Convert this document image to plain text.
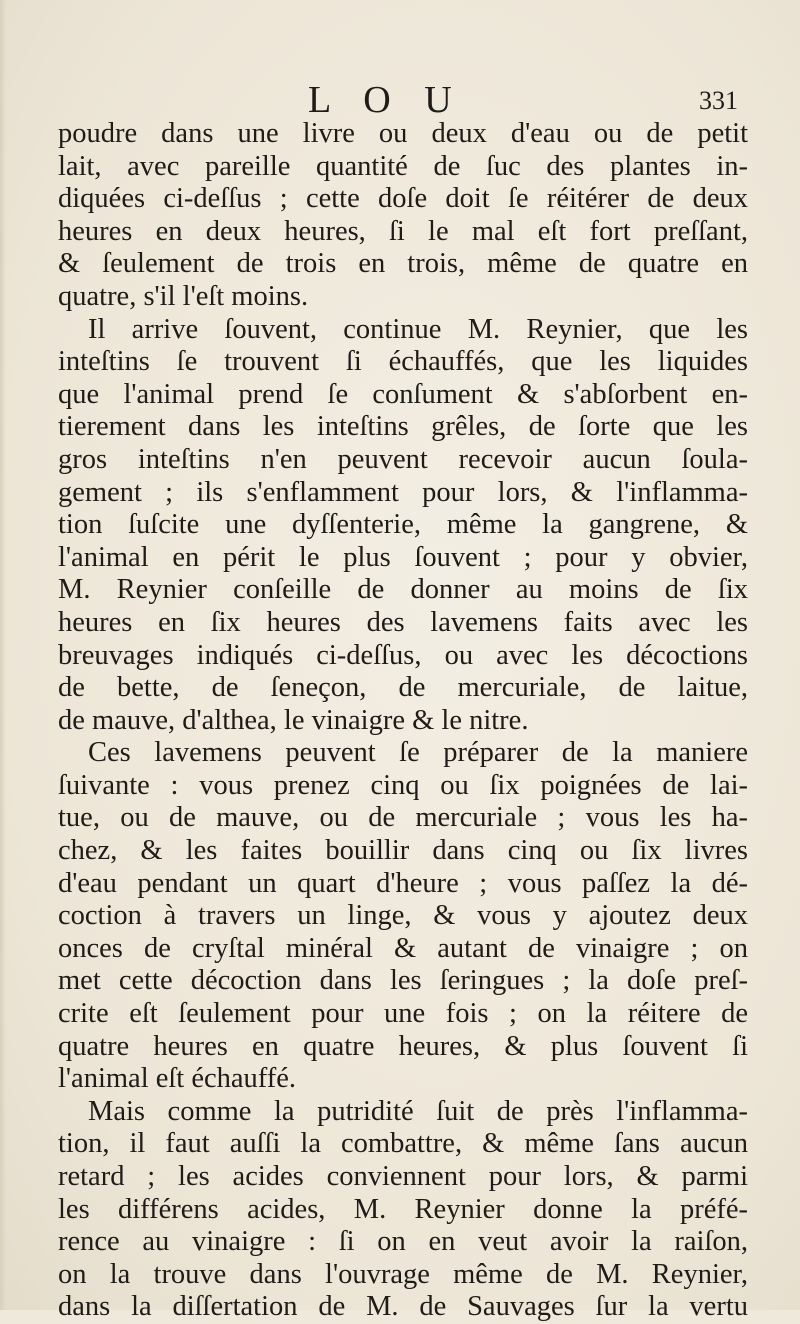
L O U	331
poudre dans une livre ou deux d'eau ou de petit
lait, avec pareille quantité de ſuc des plantes in-
diquées ci-deſſus ; cette doſe doit ſe réitérer de deux
heures en deux heures, ſi le mal eſt fort preſſant,
& ſeulement de trois en trois, même de quatre en
quatre, s'il l'eſt moins.
Il arrive ſouvent, continue M. Reynier, que les
inteſtins ſe trouvent ſi échauffés, que les liquides
que l'animal prend ſe conſument & s'abſorbent en-
tierement dans les inteſtins grêles, de ſorte que les
gros inteſtins n'en peuvent recevoir aucun ſoula-
gement ; ils s'enflamment pour lors, & l'inflamma-
tion ſuſcite une dyſſenterie, même la gangrene, &
l'animal en périt le plus ſouvent ; pour y obvier,
M. Reynier conſeille de donner au moins de ſix
heures en ſix heures des lavemens faits avec les
breuvages indiqués ci-deſſus, ou avec les décoctions
de bette, de ſeneçon, de mercuriale, de laitue,
de mauve, d'althea, le vinaigre & le nitre.
Ces lavemens peuvent ſe préparer de la maniere
ſuivante : vous prenez cinq ou ſix poignées de lai-
tue, ou de mauve, ou de mercuriale ; vous les ha-
chez, & les faites bouillir dans cinq ou ſix livres
d'eau pendant un quart d'heure ; vous paſſez la dé-
coction à travers un linge, & vous y ajoutez deux
onces de cryſtal minéral & autant de vinaigre ; on
met cette décoction dans les ſeringues ; la doſe preſ-
crite eſt ſeulement pour une fois ; on la réitere de
quatre heures en quatre heures, & plus ſouvent ſi
l'animal eſt échauffé.
Mais comme la putridité ſuit de près l'inflamma-
tion, il faut auſſi la combattre, & même ſans aucun
retard ; les acides conviennent pour lors, & parmi
les différens acides, M. Reynier donne la préfé-
rence au vinaigre : ſi on en veut avoir la raiſon,
on la trouve dans l'ouvrage même de M. Reynier,
dans la diſſertation de M. de Sauvages ſur la vertu
